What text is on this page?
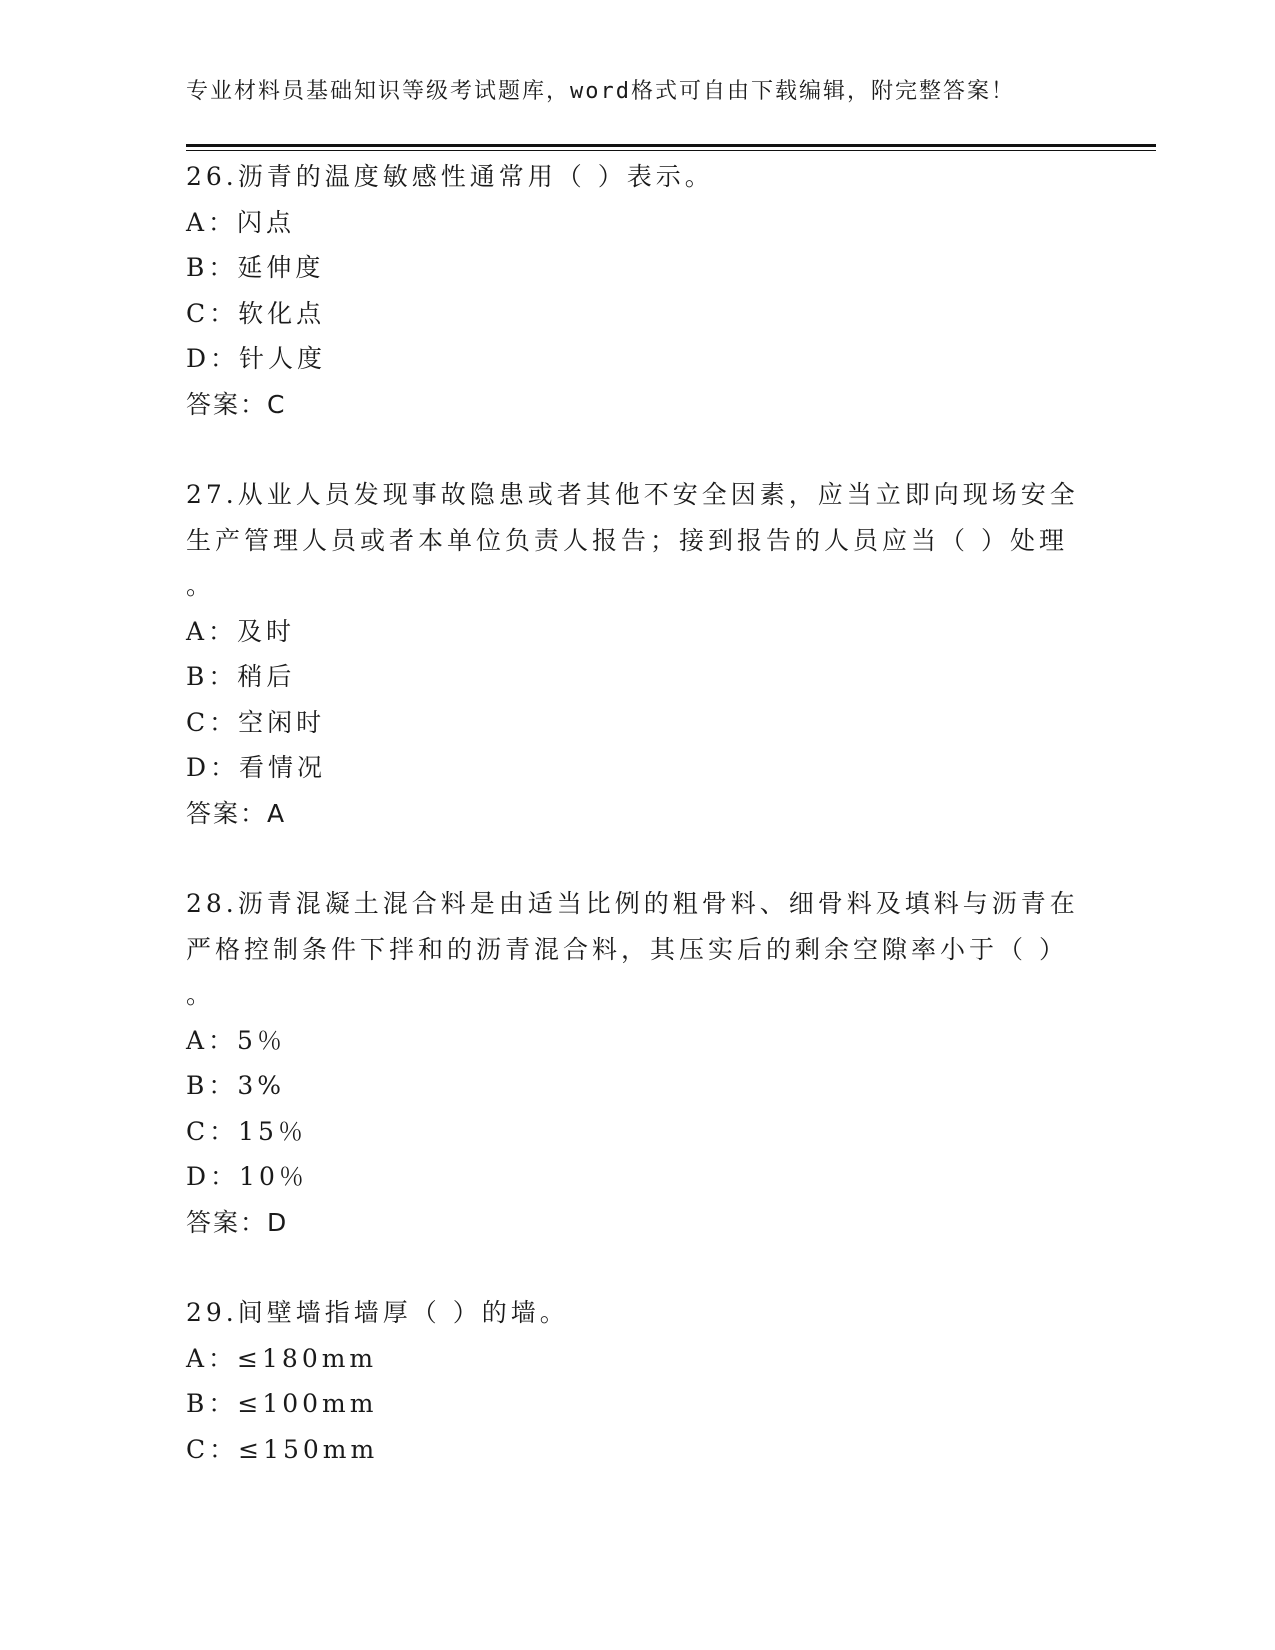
专业材料员基础知识等级考试题库，word格式可自由下载编辑，附完整答案！
26.沥青的温度敏感性通常用（ ）表示。
A：闪点
B：延伸度
C：软化点
D：针人度
答案：C
27.从业人员发现事故隐患或者其他不安全因素，应当立即向现场安全
生产管理人员或者本单位负责人报告；接到报告的人员应当（ ）处理
。
A：及时
B：稍后
C：空闲时
D：看情况
答案：A
28.沥青混凝土混合料是由适当比例的粗骨料、细骨料及填料与沥青在
严格控制条件下拌和的沥青混合料，其压实后的剩余空隙率小于（ ）
。
A：5％
B：3%
C：15％
D：10％
答案：D
29.间壁墙指墙厚（ ）的墙。
A：≤180mm
B：≤100mm
C：≤150mm
